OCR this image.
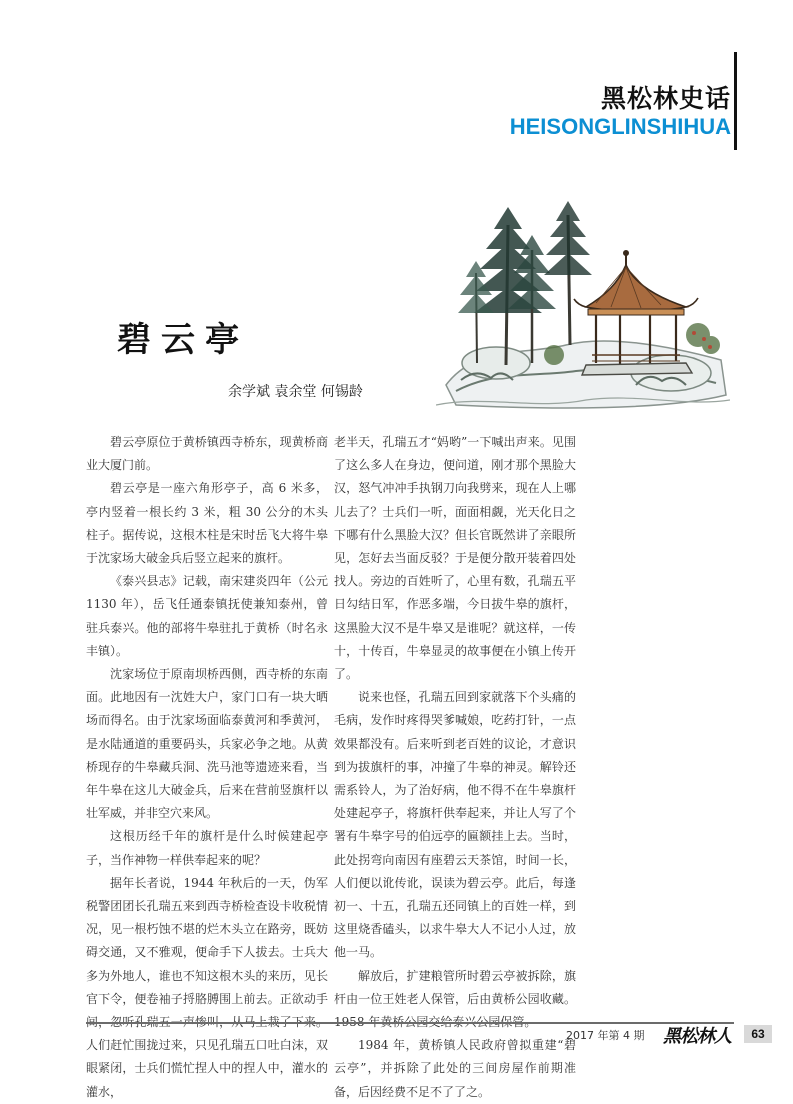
黑松林史话
HEISONGLINSHIHUA
碧云亭
余学斌 袁余堂 何锡龄

碧云亭原位于黄桥镇西寺桥东，现黄桥商业大厦门前。

碧云亭是一座六角形亭子，高 6 米多，亭内竖着一根长约 3 米，粗 30 公分的木头柱子。据传说，这根木柱是宋时岳飞大将牛皋于沈家场大破金兵后竖立起来的旗杆。

《泰兴县志》记载，南宋建炎四年（公元1130 年），岳飞任通泰镇抚使兼知泰州，曾驻兵泰兴。他的部将牛皋驻扎于黄桥（时名永丰镇）。

沈家场位于原南坝桥西侧，西寺桥的东南面。此地因有一沈姓大户，家门口有一块大晒场而得名。由于沈家场面临泰黄河和季黄河，是水陆通道的重要码头，兵家必争之地。从黄桥现存的牛皋藏兵洞、洗马池等遗迹来看，当年牛皋在这儿大破金兵，后来在营前竖旗杆以壮军威，并非空穴来风。

这根历经千年的旗杆是什么时候建起亭子，当作神物一样供奉起来的呢？

据年长者说，1944 年秋后的一天，伪军税警团团长孔瑞五来到西寺桥检查设卡收税情况，见一根朽蚀不堪的烂木头立在路旁，既妨碍交通，又不雅观，便命手下人拔去。士兵大多为外地人，谁也不知这根木头的来历，见长官下令，便卷袖子捋胳膊围上前去。正欲动手 人们赶忙围拢过来，只见孔瑞五口吐白沫，双眼紧闭，士兵们慌忙捏人中的捏人中，灌水的灌水，

老半天，孔瑞五才“妈哟”一下喊出声来。见围了这么多人在身边，便问道，刚才那个黑脸大汉，怒气冲冲手执钢刀向我劈来，现在人上哪儿去了？士兵们一听，面面相觑，光天化日之下哪有什么黑脸大汉？但长官既然讲了亲眼所见，怎好去当面反驳？于是便分散开装着四处找人。旁边的百姓听了，心里有数，孔瑞五平日勾结日军，作恶多端，今日拔牛皋的旗杆，这黑脸大汉不是牛皋又是谁呢？就这样，一传十，十传百，牛皋显灵的故事便在小镇上传开了。

说来也怪，孔瑞五回到家就落下个头痛的毛病，发作时疼得哭爹喊娘，吃药打针，一点效果都没有。后来听到老百姓的议论，才意识到为拔旗杆的事，冲撞了牛皋的神灵。解铃还需系铃人，为了治好病，他不得不在牛皋旗杆处建起亭子，将旗杆供奉起来，并让人写了个署有牛皋字号的伯远亭的匾额挂上去。当时，此处拐弯向南因有座碧云天茶馆，时间一长，人们便以讹传讹，误读为碧云亭。此后，每逢初一、十五，孔瑞五还同镇上的百姓一样，到这里烧香磕头，以求牛皋大人不记小人过，放他一马。

解放后，扩建粮管所时碧云亭被拆除，旗杆由一位王姓老人保管，后由黄桥公园收藏。

1984 年，黄桥镇人民政府曾拟重建“碧云亭”，并拆除了此处的三间房屋作前期准备，后因经费不足不了了之。

2017 年第 4 期 黑松林人	63
